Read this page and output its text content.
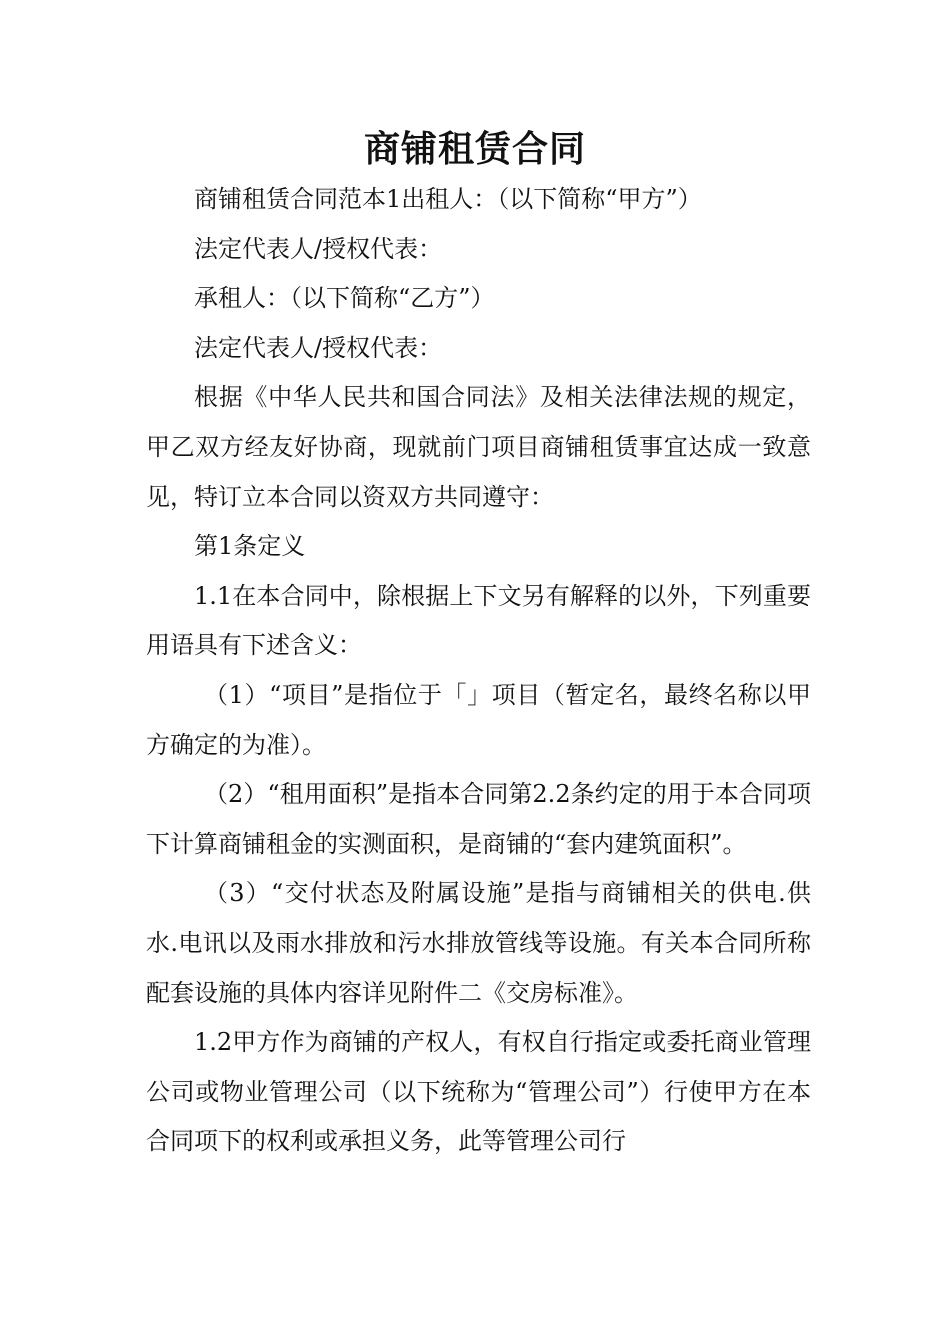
商铺租赁合同

商铺租赁合同范本1出租人：（以下简称“甲方”）

法定代表人/授权代表：

承租人：（以下简称“乙方”）

法定代表人/授权代表：

根据《中华人民共和国合同法》及相关法律法规的规定，甲乙双方经友好协商，现就前门项目商铺租赁事宜达成一致意见，特订立本合同以资双方共同遵守：

第1条定义

1.1在本合同中，除根据上下文另有解释的以外，下列重要用语具有下述含义：

（1）“项目”是指位于「」项目（暂定名，最终名称以甲方确定的为准）。

（2）“租用面积”是指本合同第2.2条约定的用于本合同项下计算商铺租金的实测面积，是商铺的“套内建筑面积”。

（3）“交付状态及附属设施”是指与商铺相关的供电.供水.电讯以及雨水排放和污水排放管线等设施。有关本合同所称配套设施的具体内容详见附件二《交房标准》。

1.2甲方作为商铺的产权人，有权自行指定或委托商业管理公司或物业管理公司（以下统称为“管理公司”）行使甲方在本合同项下的权利或承担义务，此等管理公司行
